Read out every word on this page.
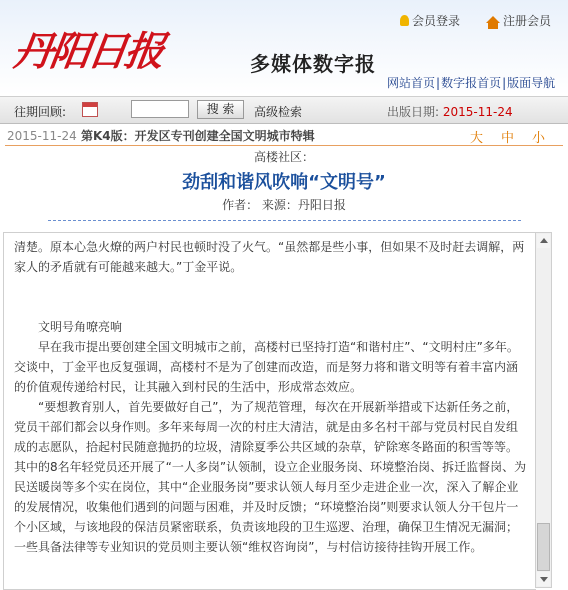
丹阳日报	多媒体数字报
会员登录	注册会员
网站首页|数字报首页|版面导航
往期回顾:	搜 索	高级检索	出版日期: 2015-11-24
2015-11-24 第K4版：开发区专刊创建全国文明城市特辑	大 中 小
高楼社区：
劲刮和谐风吹响“文明号”
作者： 来源：丹阳日报

清楚。原本心急火燎的两户村民也顿时没了火气。“虽然都是些小事，但如果不及时赶去调解，两家人的矛盾就有可能越来越大。”丁金平说。

文明号角嘹亮响

早在我市提出要创建全国文明城市之前，高楼村已坚持打造“和谐村庄”、“文明村庄”多年。交谈中，丁金平也反复强调，高楼村不是为了创建而改造，而是努力将和谐文明等有着丰富内涵的价值观传递给村民，让其融入到村民的生活中，形成常态效应。

“要想教育别人，首先要做好自己”，为了规范管理，每次在开展新举措或下达新任务之前，党员干部们都会以身作则。多年来每周一次的村庄大清洁，就是由多名村干部与党员村民自发组成的志愿队，拾起村民随意抛扔的垃圾，清除夏季公共区域的杂草，铲除寒冬路面的积雪等等。其中的8名年轻党员还开展了“一人多岗”认领制，设立企业服务岗、环境整治岗、拆迁监督岗、为民送暖岗等多个实在岗位，其中“企业服务岗”要求认领人每月至少走进企业一次，深入了解企业的发展情况，收集他们遇到的问题与困难，并及时反馈；“环境整治岗”则要求认领人分干包片一个小区域，与该地段的保洁员紧密联系，负责该地段的卫生巡逻、治理，确保卫生情况无漏洞；一些具备法律等专业知识的党员则主要认领“维权咨询岗”，与村信访接待挂钩开展工作。
